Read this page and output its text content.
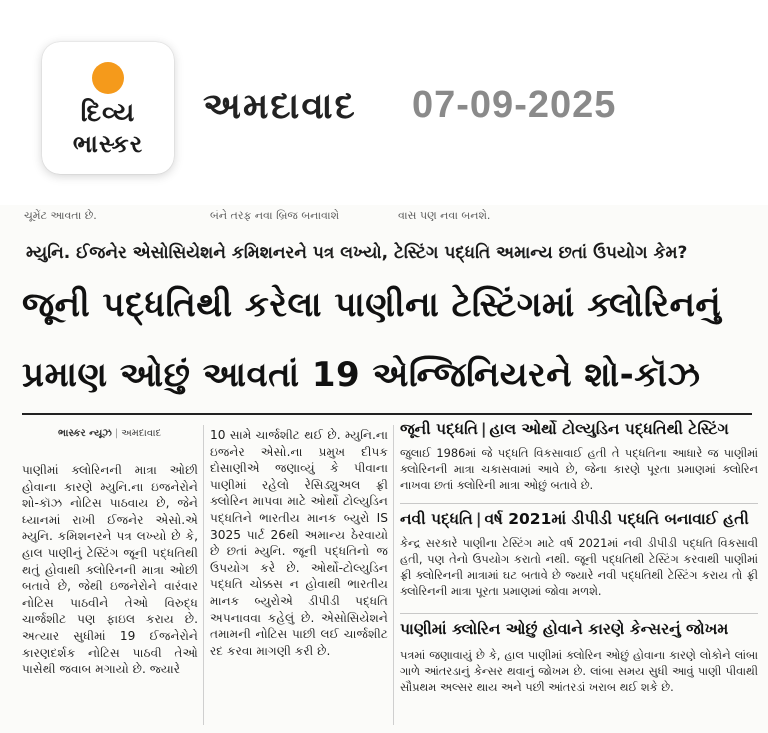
દિવ્ય
ભાસ્કર
અમદાવાદ 07-09-2025
ચૂમેંટ આવતા છે.	બંને તરફ નવા બ્રિજ બનાવાશે	વાસ પણ નવા બનશે.
મ્યુનિ. ઈજનેર એસોસિયેશને કમિશનરને પત્ર લખ્યો, ટેસ્ટિંગ પદ્ધતિ અમાન્ય છતાં ઉપયોગ કેમ?
જૂની પદ્ધતિથી કરેલા પાણીના ટેસ્ટિંગમાં ક્લોરિનનું
પ્રમાણ ઓછું આવતાં 19 એન્જિનિયરને શો-કૉઝ
ભાસ્કર ન્યૂઝ | અમદાવાદ
પાણીમાં ક્લોરિનની માત્રા ઓછી હોવાના કારણે મ્યુનિ.ના ઇજનેરોને શો-કૉઝ નોટિસ પાઠવાય છે, જેને ધ્યાનમાં રાખી ઈજનેર એસો.એ મ્યુનિ. કમિશનરને પત્ર લખ્યો છે કે, હાલ પાણીનું ટેસ્ટિંગ જૂની પદ્ધતિથી થતું હોવાથી ક્લોરિનની માત્રા ઓછી બતાવે છે, જેથી ઇજનેરોને વારંવાર નોટિસ પાઠવીને તેઓ વિરુદ્ધ ચાર્જશીટ પણ ફાઇલ કરાય છે. અત્યાર સુધીમાં 19 ઈજનેરોને કારણદર્શક નોટિસ પાઠવી તેઓ પાસેથી જવાબ મગાયો છે. જ્યારે
10 સામે ચાર્જશીટ થઈ છે. મ્યુનિ.ના ઇજનેર એસો.ના પ્રમુખ દીપક દોસાણીએ જણાવ્યું કે પીવાના પાણીમાં રહેલો રેસિડ્યુઅલ ફ્રી ક્લોરિન માપવા માટે ઓર્થો ટોલ્યુડિન પદ્ધતિને ભારતીય માનક બ્યુરો IS 3025 પાર્ટ 26થી અમાન્ય ઠેરવાયો છે છતાં મ્યુનિ. જૂની પદ્ધતિનો જ ઉપયોગ કરે છે. ઓર્થો-ટોલ્યુડિન પદ્ધતિ ચોક્કસ ન હોવાથી ભારતીય માનક બ્યુરોએ ડીપીડી પદ્ધતિ અપનાવવા કહેલું છે. એસોસિયેશને તમામની નોટિસ પાછી લઈ ચાર્જશીટ રદ કરવા માગણી કરી છે.
જૂની પદ્ધતિ | હાલ ઓર્થો ટોલ્યુડિન પદ્ધતિથી ટેસ્ટિંગ
જુલાઈ 1986માં જે પદ્ધતિ વિકસાવાઈ હતી તે પદ્ધતિના આધારે જ પાણીમાં ક્લોરિનની માત્રા ચકાસવામાં આવે છે, જેના કારણે પૂરતા પ્રમાણમાં ક્લોરિન નાખવા છતાં ક્લોરિની માત્રા ઓછું બતાવે છે.
નવી પદ્ધતિ | વર્ષ 2021માં ડીપીડી પદ્ધતિ બનાવાઈ હતી
કેન્દ્ર સરકારે પાણીના ટેસ્ટિંગ માટે વર્ષ 2021માં નવી ડીપીડી પદ્ધતિ વિકસાવી હતી, પણ તેનો ઉપયોગ કરાતો નથી. જૂની પદ્ધતિથી ટેસ્ટિંગ કરવાથી પાણીમાં ફ્રી ક્લોરિનની માત્રામાં ઘટ બતાવે છે જ્યારે નવી પદ્ધતિથી ટેસ્ટિંગ કરાય તો ફ્રી ક્લોરિનની માત્રા પૂરતા પ્રમાણમાં જોવા મળશે.
પાણીમાં ક્લોરિન ઓછું હોવાને કારણે કેન્સરનું જોખમ
પત્રમાં જણાવાયું છે કે, હાલ પાણીમાં ક્લોરિન ઓછું હોવાના કારણે લોકોને લાંબા ગાળે આંતરડાનું કેન્સર થવાનું જોખમ છે. લાંબા સમય સુધી આવું પાણી પીવાથી સૌપ્રથમ અલ્સર થાય અને પછી આંતરડાં ખરાબ થઈ શકે છે.
